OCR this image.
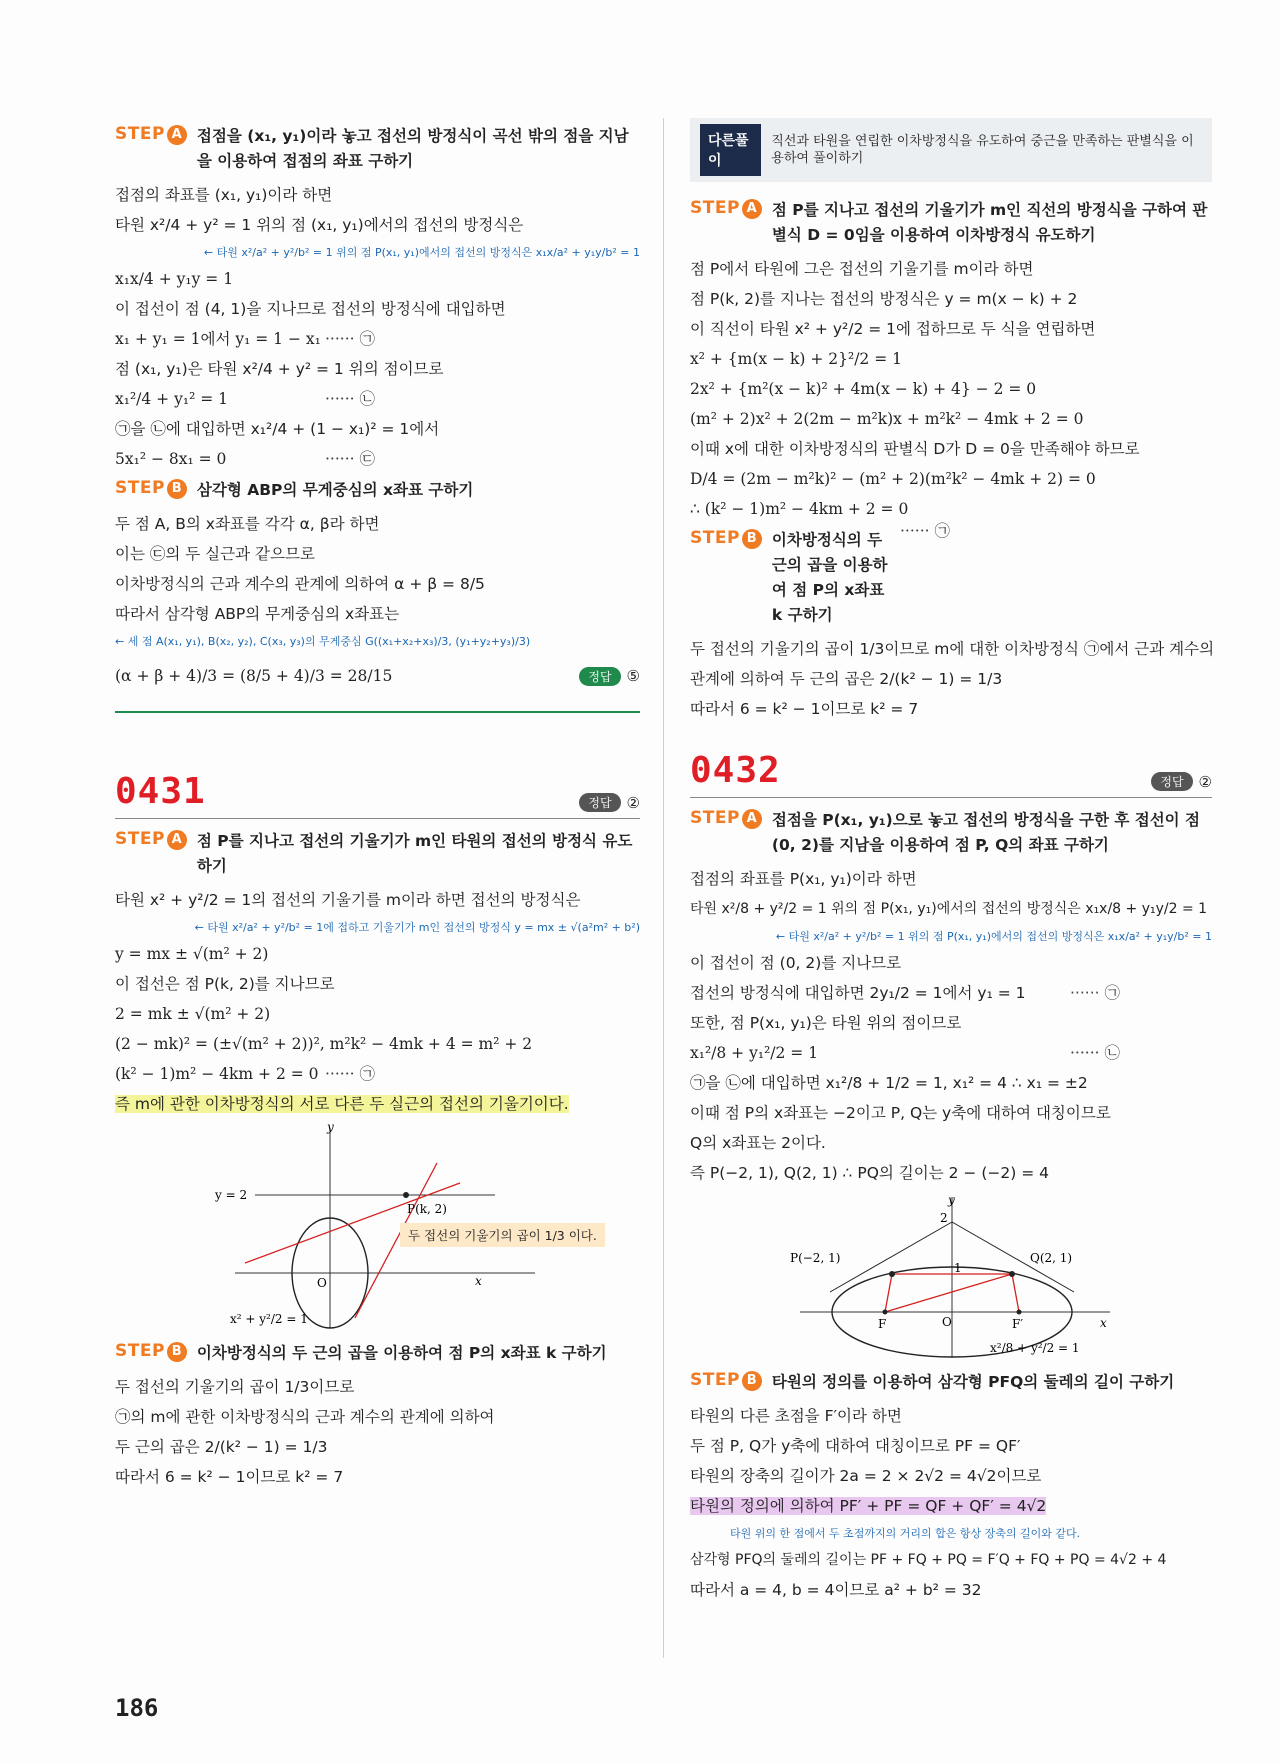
STEP A 접점을 (x₁, y₁)이라 놓고 접선의 방정식이 곡선 밖의 점을 지남을 이용하여 접점의 좌표 구하기
접점의 좌표를 (x₁, y₁)이라 하면
타원 x²/4 + y² = 1 위의 점 (x₁, y₁)에서의 접선의 방정식은
← 타원 x²/a² + y²/b² = 1 위의 점 P(x₁, y₁)에서의 접선의 방정식은 x₁x/a² + y₁y/b² = 1
x₁x/4 + y₁y = 1
이 접선이 점 (4, 1)을 지나므로 접선의 방정식에 대입하면
x₁ + y₁ = 1에서 y₁ = 1 − x₁ ······ ㉠
점 (x₁, y₁)은 타원 x²/4 + y² = 1 위의 점이므로
x₁²/4 + y₁² = 1	······ ㉡
㉠을 ㉡에 대입하면 x₁²/4 + (1 − x₁)² = 1에서
5x₁² − 8x₁ = 0	······ ㉢
STEP B 삼각형 ABP의 무게중심의 x좌표 구하기
두 점 A, B의 x좌표를 각각 α, β라 하면
이는 ㉢의 두 실근과 같으므로
이차방정식의 근과 계수의 관계에 의하여 α + β = 8/5
따라서 삼각형 ABP의 무게중심의 x좌표는
← 세 점 A(x₁, y₁), B(x₂, y₂), C(x₃, y₃)의 무게중심 G((x₁+x₂+x₃)/3, (y₁+y₂+y₃)/3)
(α + β + 4)/3 = (8/5 + 4)/3 = 28/15	정답	⑤
0431	정답	②
STEP A 점 P를 지나고 접선의 기울기가 m인 타원의 접선의 방정식 유도하기
타원 x² + y²/2 = 1의 접선의 기울기를 m이라 하면 접선의 방정식은
← 타원 x²/a² + y²/b² = 1에 접하고 기울기가 m인 접선의 방정식 y = mx ± √(a²m² + b²)
y = mx ± √(m² + 2)
이 접선은 점 P(k, 2)를 지나므로
2 = mk ± √(m² + 2)
(2 − mk)² = (±√(m² + 2))², m²k² − 4mk + 4 = m² + 2
(k² − 1)m² − 4km + 2 = 0 ······ ㉠
즉 m에 관한 이차방정식의 서로 다른 두 실근의 접선의 기울기이다.
y
x
O
y = 2
P(k, 2)
x² + y²/2 = 1
두 접선의 기울기의 곱이 1/3 이다.
STEP B 이차방정식의 두 근의 곱을 이용하여 점 P의 x좌표 k 구하기
두 접선의 기울기의 곱이 1/3이므로
㉠의 m에 관한 이차방정식의 근과 계수의 관계에 의하여
두 근의 곱은 2/(k² − 1) = 1/3
따라서 6 = k² − 1이므로 k² = 7
다른풀이
직선과 타원을 연립한 이차방정식을 유도하여 중근을 만족하는 판별식을 이용하여 풀이하기
STEP A 점 P를 지나고 접선의 기울기가 m인 직선의 방정식을 구하여 판별식 D = 0임을 이용하여 이차방정식 유도하기
점 P에서 타원에 그은 접선의 기울기를 m이라 하면
점 P(k, 2)를 지나는 접선의 방정식은 y = m(x − k) + 2
이 직선이 타원 x² + y²/2 = 1에 접하므로 두 식을 연립하면
x² + {m(x − k) + 2}²/2 = 1
2x² + {m²(x − k)² + 4m(x − k) + 4} − 2 = 0
(m² + 2)x² + 2(2m − m²k)x + m²k² − 4mk + 2 = 0
이때 x에 대한 이차방정식의 판별식 D가 D = 0을 만족해야 하므로
D/4 = (2m − m²k)² − (m² + 2)(m²k² − 4mk + 2) = 0
∴ (k² − 1)m² − 4km + 2 = 0
······ ㉠
STEP B 이차방정식의 두 근의 곱을 이용하여 점 P의 x좌표 k 구하기
두 접선의 기울기의 곱이 1/3이므로 m에 대한 이차방정식 ㉠에서 근과 계수의
관계에 의하여 두 근의 곱은 2/(k² − 1) = 1/3
따라서 6 = k² − 1이므로 k² = 7
0432	정답	②
STEP A 접점을 P(x₁, y₁)으로 놓고 접선의 방정식을 구한 후 접선이 점 (0, 2)를 지남을 이용하여 점 P, Q의 좌표 구하기
접점의 좌표를 P(x₁, y₁)이라 하면
타원 x²/8 + y²/2 = 1 위의 점 P(x₁, y₁)에서의 접선의 방정식은 x₁x/8 + y₁y/2 = 1
← 타원 x²/a² + y²/b² = 1 위의 점 P(x₁, y₁)에서의 접선의 방정식은 x₁x/a² + y₁y/b² = 1
이 접선이 점 (0, 2)를 지나므로
접선의 방정식에 대입하면 2y₁/2 = 1에서 y₁ = 1	······ ㉠
또한, 점 P(x₁, y₁)은 타원 위의 점이므로
x₁²/8 + y₁²/2 = 1	······ ㉡
㉠을 ㉡에 대입하면 x₁²/8 + 1/2 = 1, x₁² = 4 ∴ x₁ = ±2
이때 점 P의 x좌표는 −2이고 P, Q는 y축에 대하여 대칭이므로
Q의 x좌표는 2이다.
즉 P(−2, 1), Q(2, 1) ∴ PQ의 길이는 2 − (−2) = 4
y
x
O
2
1
P(−2, 1)	Q(2, 1)
F	F′
x²/8 + y²/2 = 1
STEP B 타원의 정의를 이용하여 삼각형 PFQ의 둘레의 길이 구하기
타원의 다른 초점을 F′이라 하면
두 점 P, Q가 y축에 대하여 대칭이므로 PF = QF′
타원의 장축의 길이가 2a = 2 × 2√2 = 4√2이므로
타원의 정의에 의하여 PF′ + PF = QF + QF′ = 4√2
타원 위의 한 점에서 두 초점까지의 거리의 합은 항상 장축의 길이와 같다.
삼각형 PFQ의 둘레의 길이는 PF + FQ + PQ = F′Q + FQ + PQ = 4√2 + 4
따라서 a = 4, b = 4이므로 a² + b² = 32
186
